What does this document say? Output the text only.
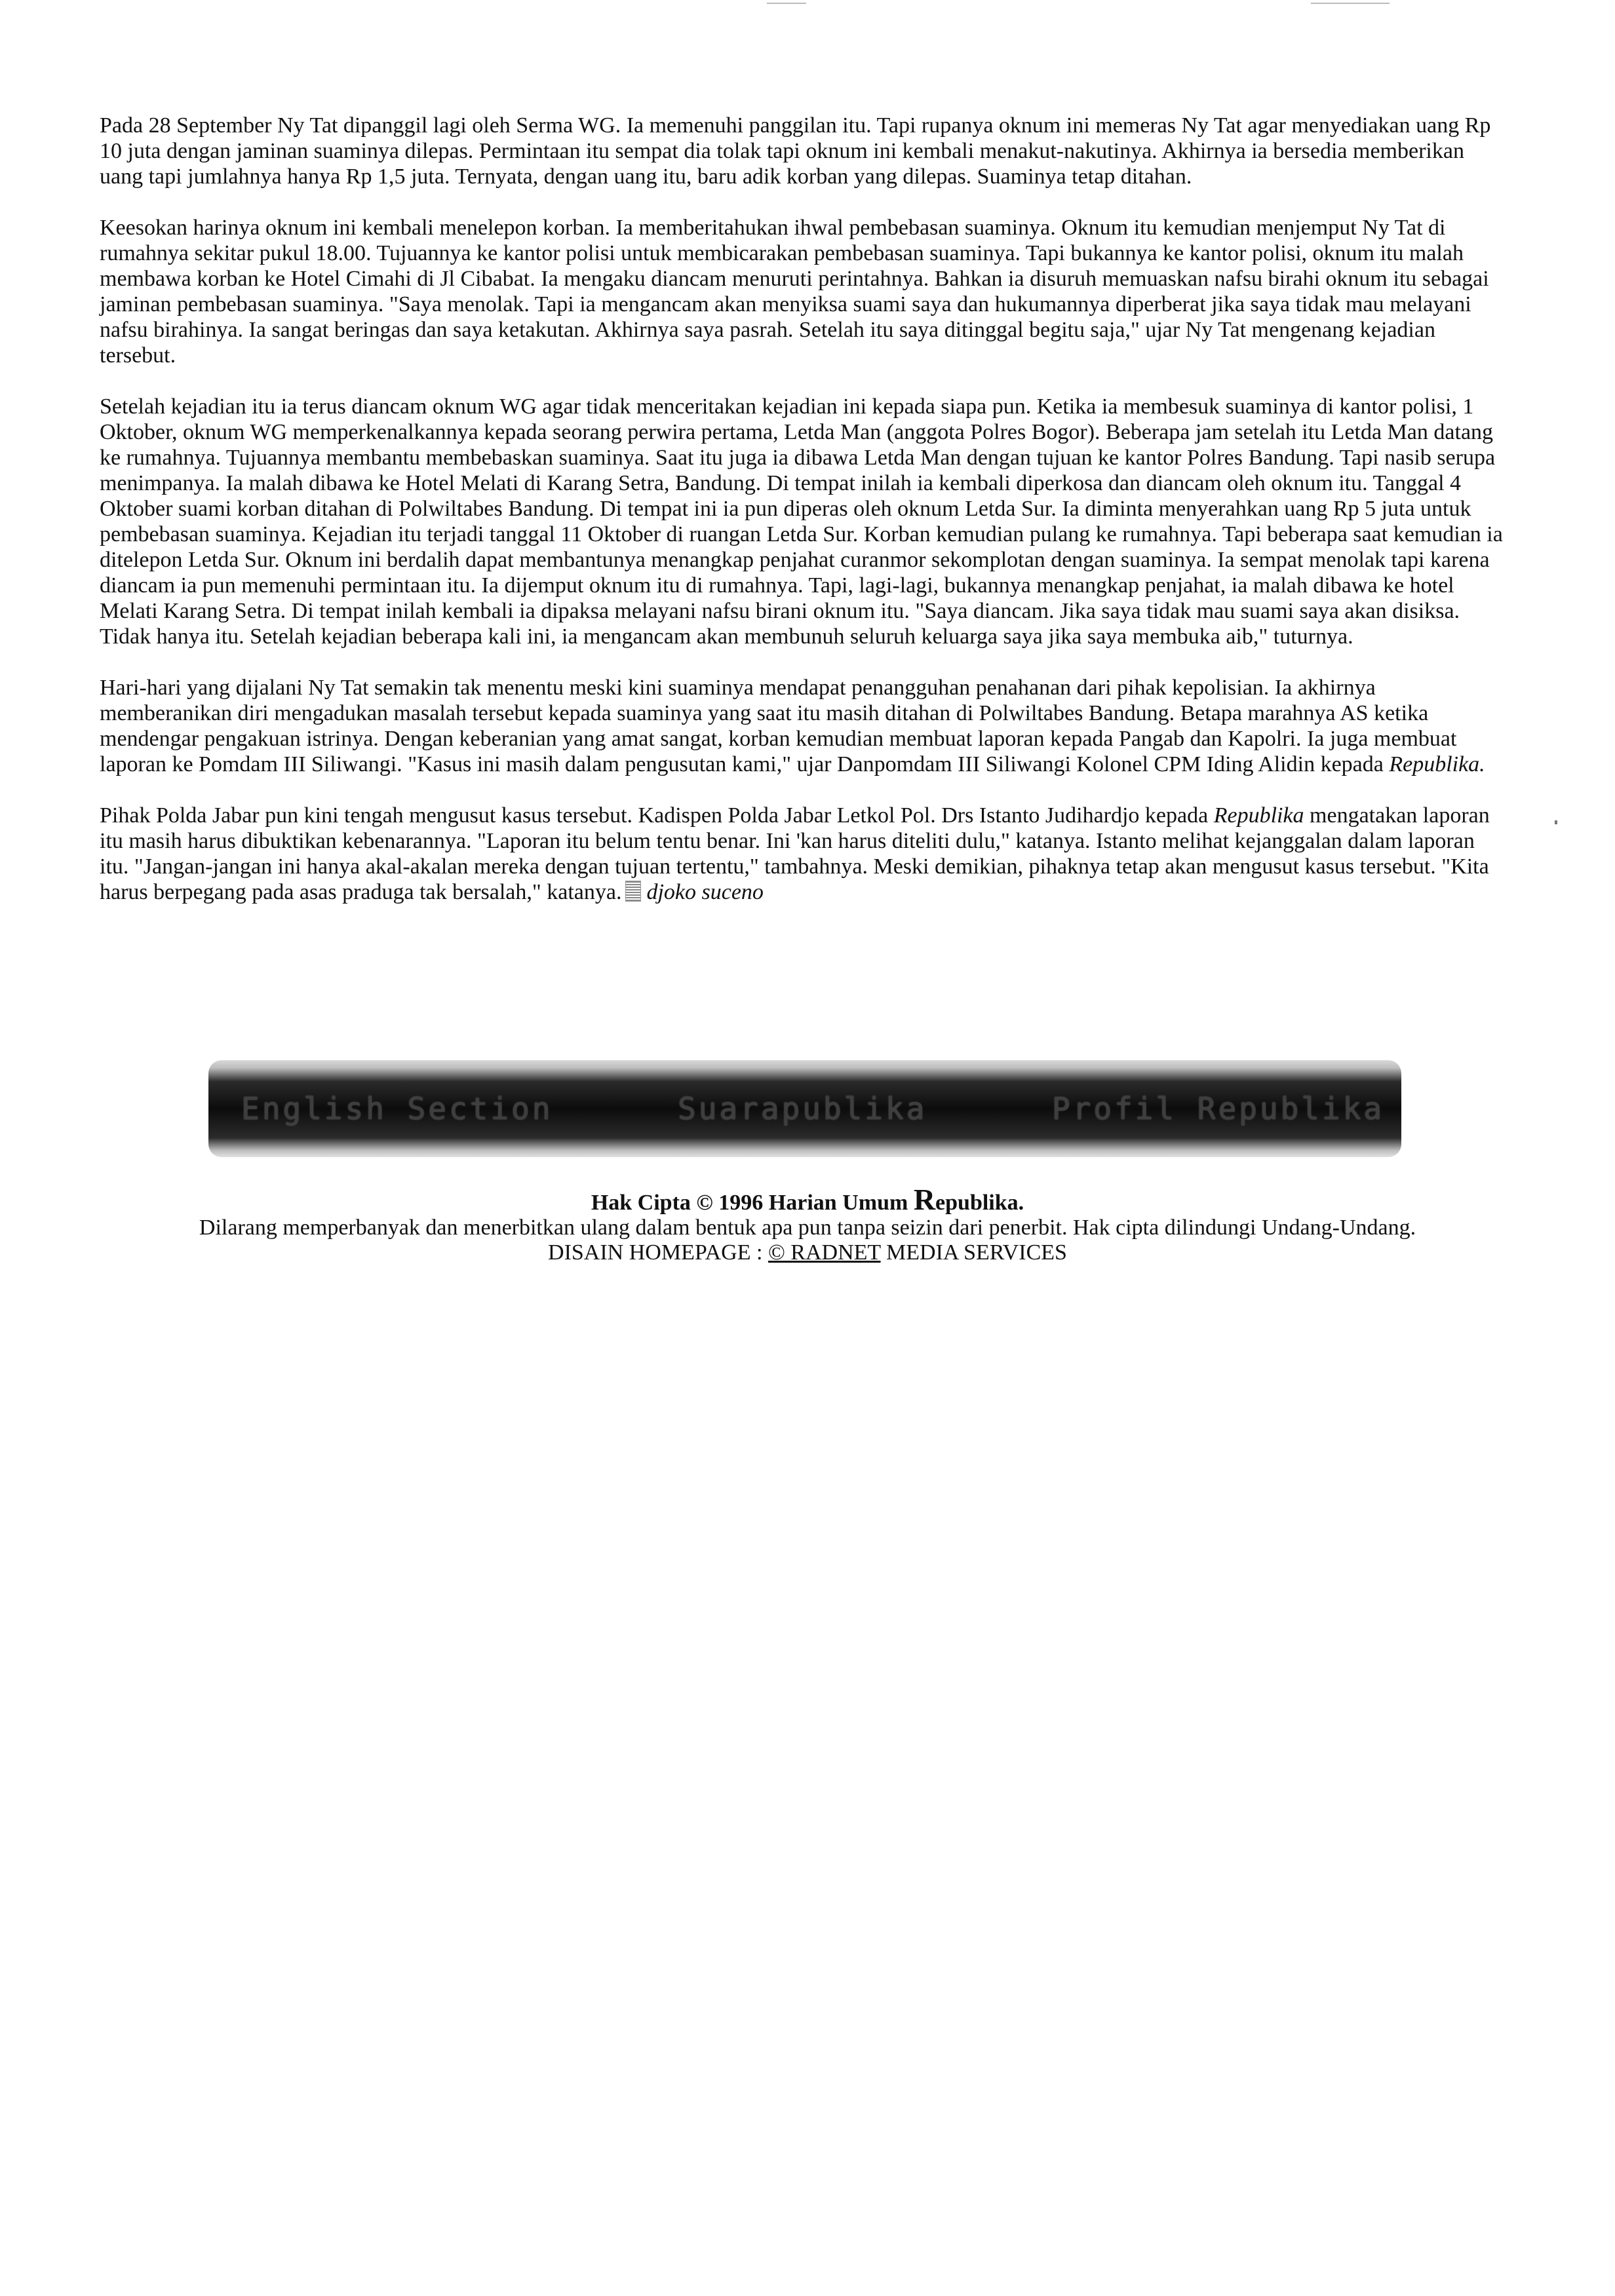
Pada 28 September Ny Tat dipanggil lagi oleh Serma WG. Ia memenuhi panggilan itu. Tapi rupanya oknum ini memeras Ny Tat agar menyediakan uang Rp 10 juta dengan jaminan suaminya dilepas. Permintaan itu sempat dia tolak tapi oknum ini kembali menakut-nakutinya. Akhirnya ia bersedia memberikan uang tapi jumlahnya hanya Rp 1,5 juta. Ternyata, dengan uang itu, baru adik korban yang dilepas. Suaminya tetap ditahan.

Keesokan harinya oknum ini kembali menelepon korban. Ia memberitahukan ihwal pembebasan suaminya. Oknum itu kemudian menjemput Ny Tat di rumahnya sekitar pukul 18.00. Tujuannya ke kantor polisi untuk membicarakan pembebasan suaminya. Tapi bukannya ke kantor polisi, oknum itu malah membawa korban ke Hotel Cimahi di Jl Cibabat. Ia mengaku diancam menuruti perintahnya. Bahkan ia disuruh memuaskan nafsu birahi oknum itu sebagai jaminan pembebasan suaminya. "Saya menolak. Tapi ia mengancam akan menyiksa suami saya dan hukumannya diperberat jika saya tidak mau melayani nafsu birahinya. Ia sangat beringas dan saya ketakutan. Akhirnya saya pasrah. Setelah itu saya ditinggal begitu saja," ujar Ny Tat mengenang kejadian tersebut.

Setelah kejadian itu ia terus diancam oknum WG agar tidak menceritakan kejadian ini kepada siapa pun. Ketika ia membesuk suaminya di kantor polisi, 1 Oktober, oknum WG memperkenalkannya kepada seorang perwira pertama, Letda Man (anggota Polres Bogor). Beberapa jam setelah itu Letda Man datang ke rumahnya. Tujuannya membantu membebaskan suaminya. Saat itu juga ia dibawa Letda Man dengan tujuan ke kantor Polres Bandung. Tapi nasib serupa menimpanya. Ia malah dibawa ke Hotel Melati di Karang Setra, Bandung. Di tempat inilah ia kembali diperkosa dan diancam oleh oknum itu. Tanggal 4 Oktober suami korban ditahan di Polwiltabes Bandung. Di tempat ini ia pun diperas oleh oknum Letda Sur. Ia diminta menyerahkan uang Rp 5 juta untuk pembebasan suaminya. Kejadian itu terjadi tanggal 11 Oktober di ruangan Letda Sur. Korban kemudian pulang ke rumahnya. Tapi beberapa saat kemudian ia ditelepon Letda Sur. Oknum ini berdalih dapat membantunya menangkap penjahat curanmor sekomplotan dengan suaminya. Ia sempat menolak tapi karena diancam ia pun memenuhi permintaan itu. Ia dijemput oknum itu di rumahnya. Tapi, lagi-lagi, bukannya menangkap penjahat, ia malah dibawa ke hotel Melati Karang Setra. Di tempat inilah kembali ia dipaksa melayani nafsu birani oknum itu. "Saya diancam. Jika saya tidak mau suami saya akan disiksa. Tidak hanya itu. Setelah kejadian beberapa kali ini, ia mengancam akan membunuh seluruh keluarga saya jika saya membuka aib," tuturnya.

Hari-hari yang dijalani Ny Tat semakin tak menentu meski kini suaminya mendapat penangguhan penahanan dari pihak kepolisian. Ia akhirnya memberanikan diri mengadukan masalah tersebut kepada suaminya yang saat itu masih ditahan di Polwiltabes Bandung. Betapa marahnya AS ketika mendengar pengakuan istrinya. Dengan keberanian yang amat sangat, korban kemudian membuat laporan kepada Pangab dan Kapolri. Ia juga membuat laporan ke Pomdam III Siliwangi. "Kasus ini masih dalam pengusutan kami," ujar Danpomdam III Siliwangi Kolonel CPM Iding Alidin kepada Republika.

Pihak Polda Jabar pun kini tengah mengusut kasus tersebut. Kadispen Polda Jabar Letkol Pol. Drs Istanto Judihardjo kepada Republika mengatakan laporan itu masih harus dibuktikan kebenarannya. "Laporan itu belum tentu benar. Ini 'kan harus diteliti dulu," katanya. Istanto melihat kejanggalan dalam laporan itu. "Jangan-jangan ini hanya akal-akalan mereka dengan tujuan tertentu," tambahnya. Meski demikian, pihaknya tetap akan mengusut kasus tersebut. "Kita harus berpegang pada asas praduga tak bersalah," katanya. djoko suceno

English Section	Suarapublika	Profil Republika
Hak Cipta © 1996 Harian Umum Republika.
Dilarang memperbanyak dan menerbitkan ulang dalam bentuk apa pun tanpa seizin dari penerbit. Hak cipta dilindungi Undang-Undang.
DISAIN HOMEPAGE : © RADNET MEDIA SERVICES
